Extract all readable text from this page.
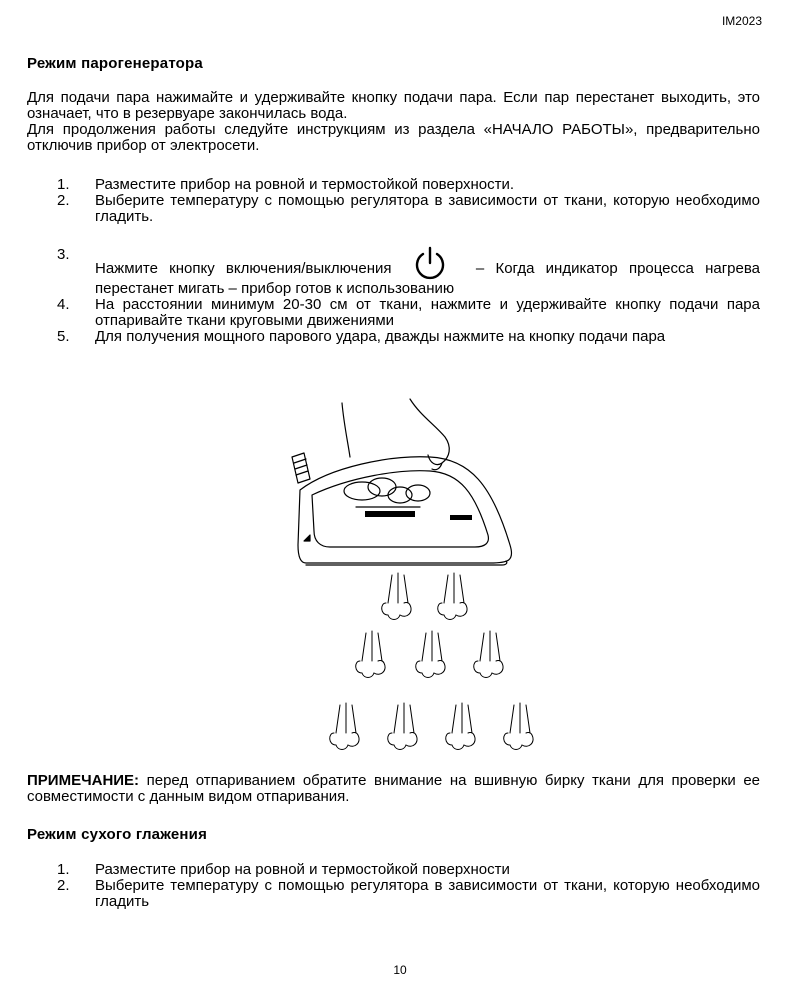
IM2023
Режим парогенератора
Для подачи пара нажимайте и удерживайте кнопку подачи пара. Если пар перестанет выходить, это означает, что в резервуаре закончилась вода.
Для продолжения работы следуйте инструкциям из раздела «НАЧАЛО РАБОТЫ», предварительно отключив прибор от электросети.
1. Разместите прибор на ровной и термостойкой поверхности.
2. Выберите температуру с помощью регулятора в зависимости от ткани, которую необходимо гладить.
3.
Нажмите кнопку включения/выключения	– Когда индикатор процесса нагрева перестанет мигать – прибор готов к использованию
4. На расстоянии минимум 20-30 см от ткани, нажмите и удерживайте кнопку подачи пара отпаривайте ткани круговыми движениями
5. Для получения мощного парового удара, дважды нажмите на кнопку подачи пара
ПРИМЕЧАНИЕ: перед отпариванием обратите внимание на вшивную бирку ткани для проверки ее совместимости с данным видом отпаривания.
Режим сухого глажения
1. Разместите прибор на ровной и термостойкой поверхности
2. Выберите температуру с помощью регулятора в зависимости от ткани, которую необходимо гладить
10
